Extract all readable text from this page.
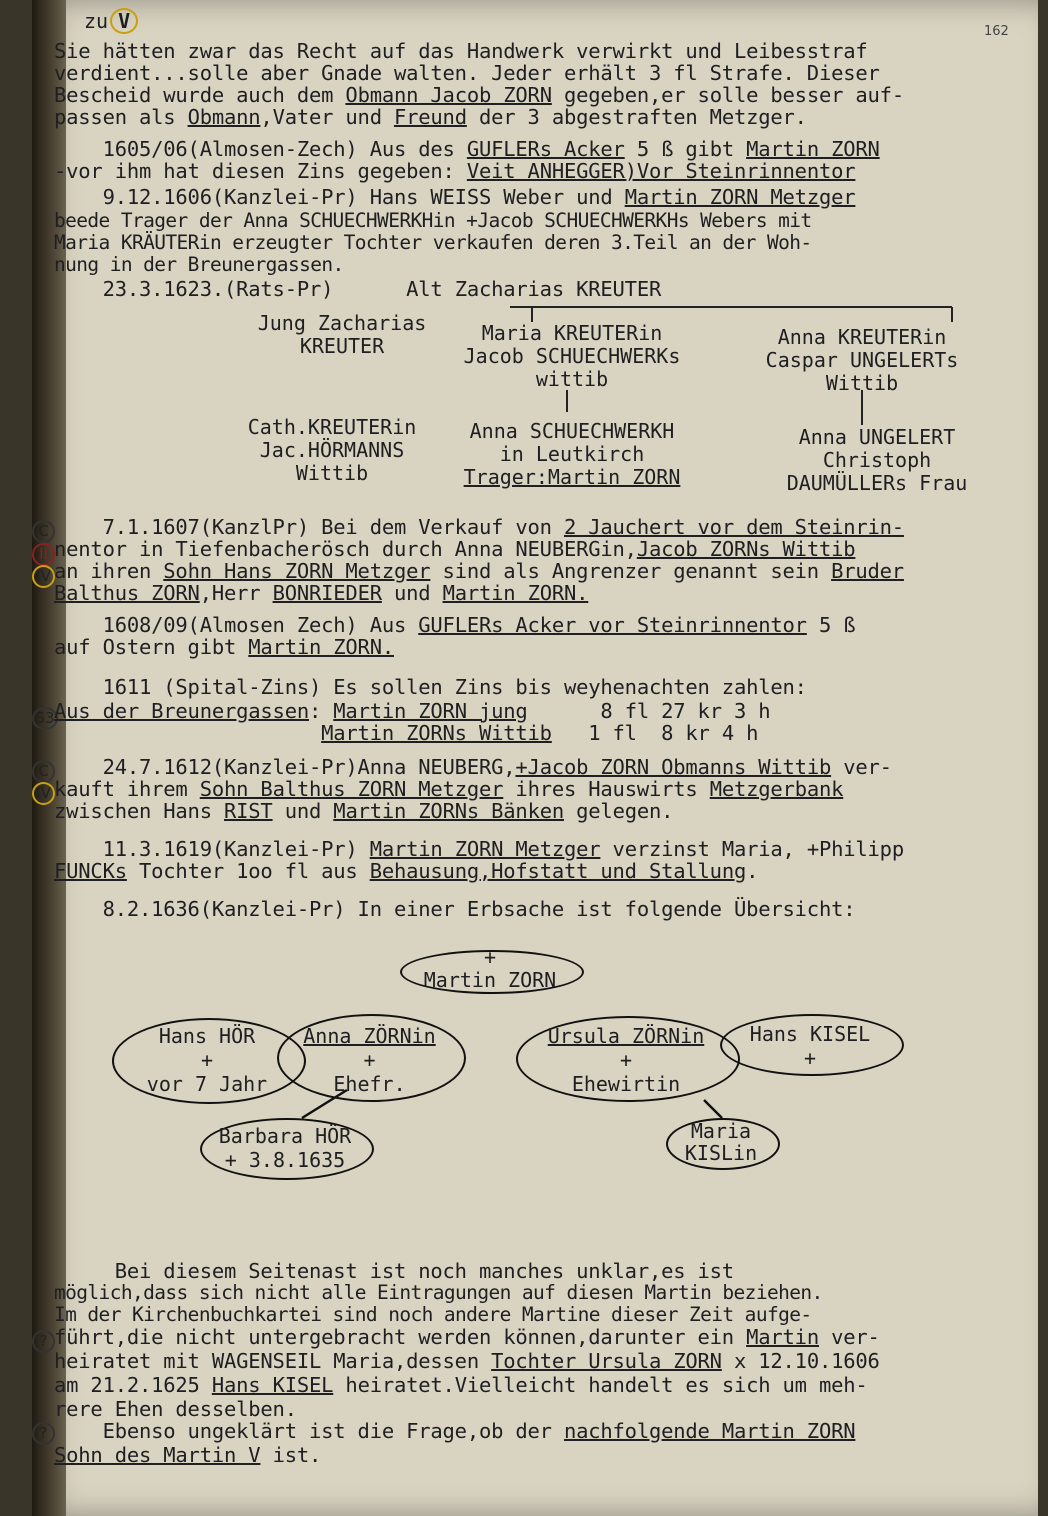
zu V	162
Sie hätten zwar das Recht auf das Handwerk verwirkt und Leibesstraf
verdient...solle aber Gnade walten. Jeder erhält 3 fl Strafe. Dieser
Bescheid wurde auch dem Obmann Jacob ZORN gegeben,er solle besser auf-
passen als Obmann,Vater und Freund der 3 abgestraften Metzger.
1605/06(Almosen-Zech) Aus des GUFLERs Acker 5 ß gibt Martin ZORN
-vor ihm hat diesen Zins gegeben: Veit ANHEGGER)Vor Steinrinnentor
9.12.1606(Kanzlei-Pr) Hans WEISS Weber und Martin ZORN Metzger
beede Trager der Anna SCHUECHWERKHin +Jacob SCHUECHWERKHs Webers mit
Maria KRÄUTERin erzeugter Tochter verkaufen deren 3.Teil an der Woh-
nung in der Breunergassen.
23.3.1623.(Rats-Pr)      Alt Zacharias KREUTER
Jung Zacharias
KREUTER
Maria KREUTERin
Jacob SCHUECHWERKs
wittib
Anna KREUTERin
Caspar UNGELERTs
Wittib
Cath.KREUTERin
Jac.HÖRMANNS
Wittib
Anna SCHUECHWERKH
in Leutkirch
Trager:Martin ZORN
Anna UNGELERT
Christoph
DAUMÜLLERs Frau
C 7.1.1607(KanzlPr) Bei dem Verkauf von 2 Jauchert vor dem Steinrin-
II nentor in Tiefenbacherösch durch Anna NEUBERGin,Jacob ZORNs Wittib
IV an ihren Sohn Hans ZORN Metzger sind als Angrenzer genannt sein Bruder
Balthus ZORN,Herr BONRIEDER und Martin ZORN.
1608/09(Almosen Zech) Aus GUFLERs Acker vor Steinrinnentor 5 ß
auf Ostern gibt Martin ZORN.
1611 (Spital-Zins) Es sollen Zins bis weyhenachten zahlen:
S3 Aus der Breunergassen: Martin ZORN jung      8 fl 27 kr 3 h
Martin ZORNs Wittib   1 fl  8 kr 4 h
C 24.7.1612(Kanzlei-Pr)Anna NEUBERG,+Jacob ZORN Obmanns Wittib ver-
IV kauft ihrem Sohn Balthus ZORN Metzger ihres Hauswirts Metzgerbank
zwischen Hans RIST und Martin ZORNs Bänken gelegen.
11.3.1619(Kanzlei-Pr) Martin ZORN Metzger verzinst Maria, +Philipp
FUNCKs Tochter 1oo fl aus Behausung,Hofstatt und Stallung.
8.2.1636(Kanzlei-Pr) In einer Erbsache ist folgende Übersicht:
+
Martin ZORN
Hans HÖR
+
vor 7 Jahr
Anna ZÖRNin
+
Ehefr.
Ursula ZÖRNin
+
Ehewirtin
Hans KISEL
+
Barbara HÖR
+ 3.8.1635
Maria
KISLin
Bei diesem Seitenast ist noch manches unklar,es ist
möglich,dass sich nicht alle Eintragungen auf diesen Martin beziehen.
?
Im der Kirchenbuchkartei sind noch andere Martine dieser Zeit aufge-
führt,die nicht untergebracht werden können,darunter ein Martin ver-
heiratet mit WAGENSEIL Maria,dessen Tochter Ursula ZORN x 12.10.1606
am 21.2.1625 Hans KISEL heiratet.Vielleicht handelt es sich um meh-
rere Ehen desselben.
? Ebenso ungeklärt ist die Frage,ob der nachfolgende Martin ZORN
Sohn des Martin V ist.
